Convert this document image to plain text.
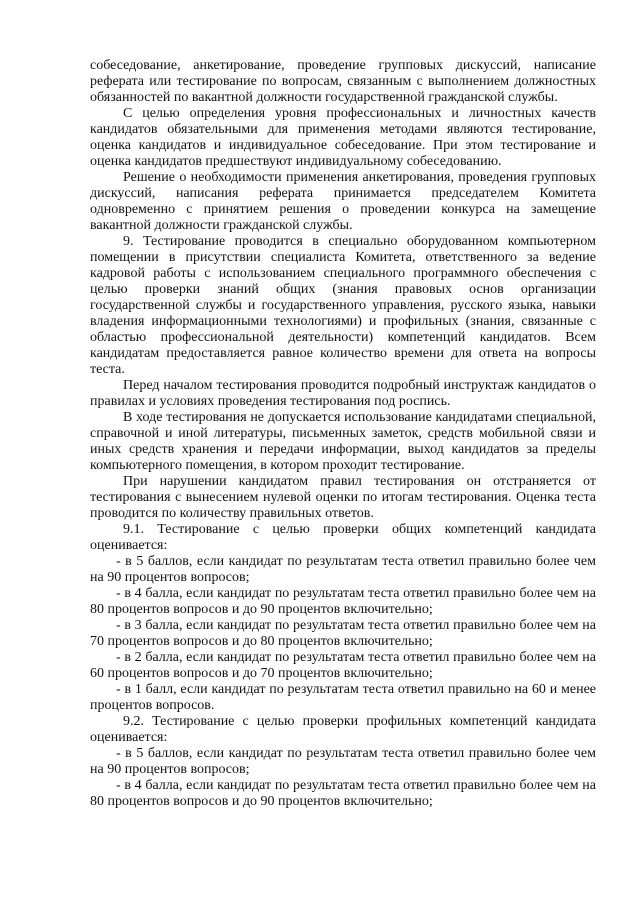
собеседование, анкетирование, проведение групповых дискуссий, написание реферата или тестирование по вопросам, связанным с выполнением должностных обязанностей по вакантной должности государственной гражданской службы.

С целью определения уровня профессиональных и личностных качеств кандидатов обязательными для применения методами являются тестирование, оценка кандидатов и индивидуальное собеседование. При этом тестирование и оценка кандидатов предшествуют индивидуальному собеседованию.

Решение о необходимости применения анкетирования, проведения групповых дискуссий, написания реферата принимается председателем Комитета одновременно с принятием решения о проведении конкурса на замещение вакантной должности гражданской службы.

9. Тестирование проводится в специально оборудованном компьютерном помещении в присутствии специалиста Комитета, ответственного за ведение кадровой работы с использованием специального программного обеспечения с целью проверки знаний общих (знания правовых основ организации государственной службы и государственного управления, русского языка, навыки владения информационными технологиями) и профильных (знания, связанные с областью профессиональной деятельности) компетенций кандидатов. Всем кандидатам предоставляется равное количество времени для ответа на вопросы теста.

Перед началом тестирования проводится подробный инструктаж кандидатов о правилах и условиях проведения тестирования под роспись.

В ходе тестирования не допускается использование кандидатами специальной, справочной и иной литературы, письменных заметок, средств мобильной связи и иных средств хранения и передачи информации, выход кандидатов за пределы компьютерного помещения, в котором проходит тестирование.

При нарушении кандидатом правил тестирования он отстраняется от тестирования с вынесением нулевой оценки по итогам тестирования. Оценка теста проводится по количеству правильных ответов.

9.1. Тестирование с целью проверки общих компетенций кандидата оценивается:

- в 5 баллов, если кандидат по результатам теста ответил правильно более чем на 90 процентов вопросов;

- в 4 балла, если кандидат по результатам теста ответил правильно более чем на 80 процентов вопросов и до 90 процентов включительно;

- в 3 балла, если кандидат по результатам теста ответил правильно более чем на 70 процентов вопросов и до 80 процентов включительно;

- в 2 балла, если кандидат по результатам теста ответил правильно более чем на 60 процентов вопросов и до 70 процентов включительно;

- в 1 балл, если кандидат по результатам теста ответил правильно на 60 и менее процентов вопросов.

9.2. Тестирование с целью проверки профильных компетенций кандидата оценивается:

- в 5 баллов, если кандидат по результатам теста ответил правильно более чем на 90 процентов вопросов;

- в 4 балла, если кандидат по результатам теста ответил правильно более чем на 80 процентов вопросов и до 90 процентов включительно;
